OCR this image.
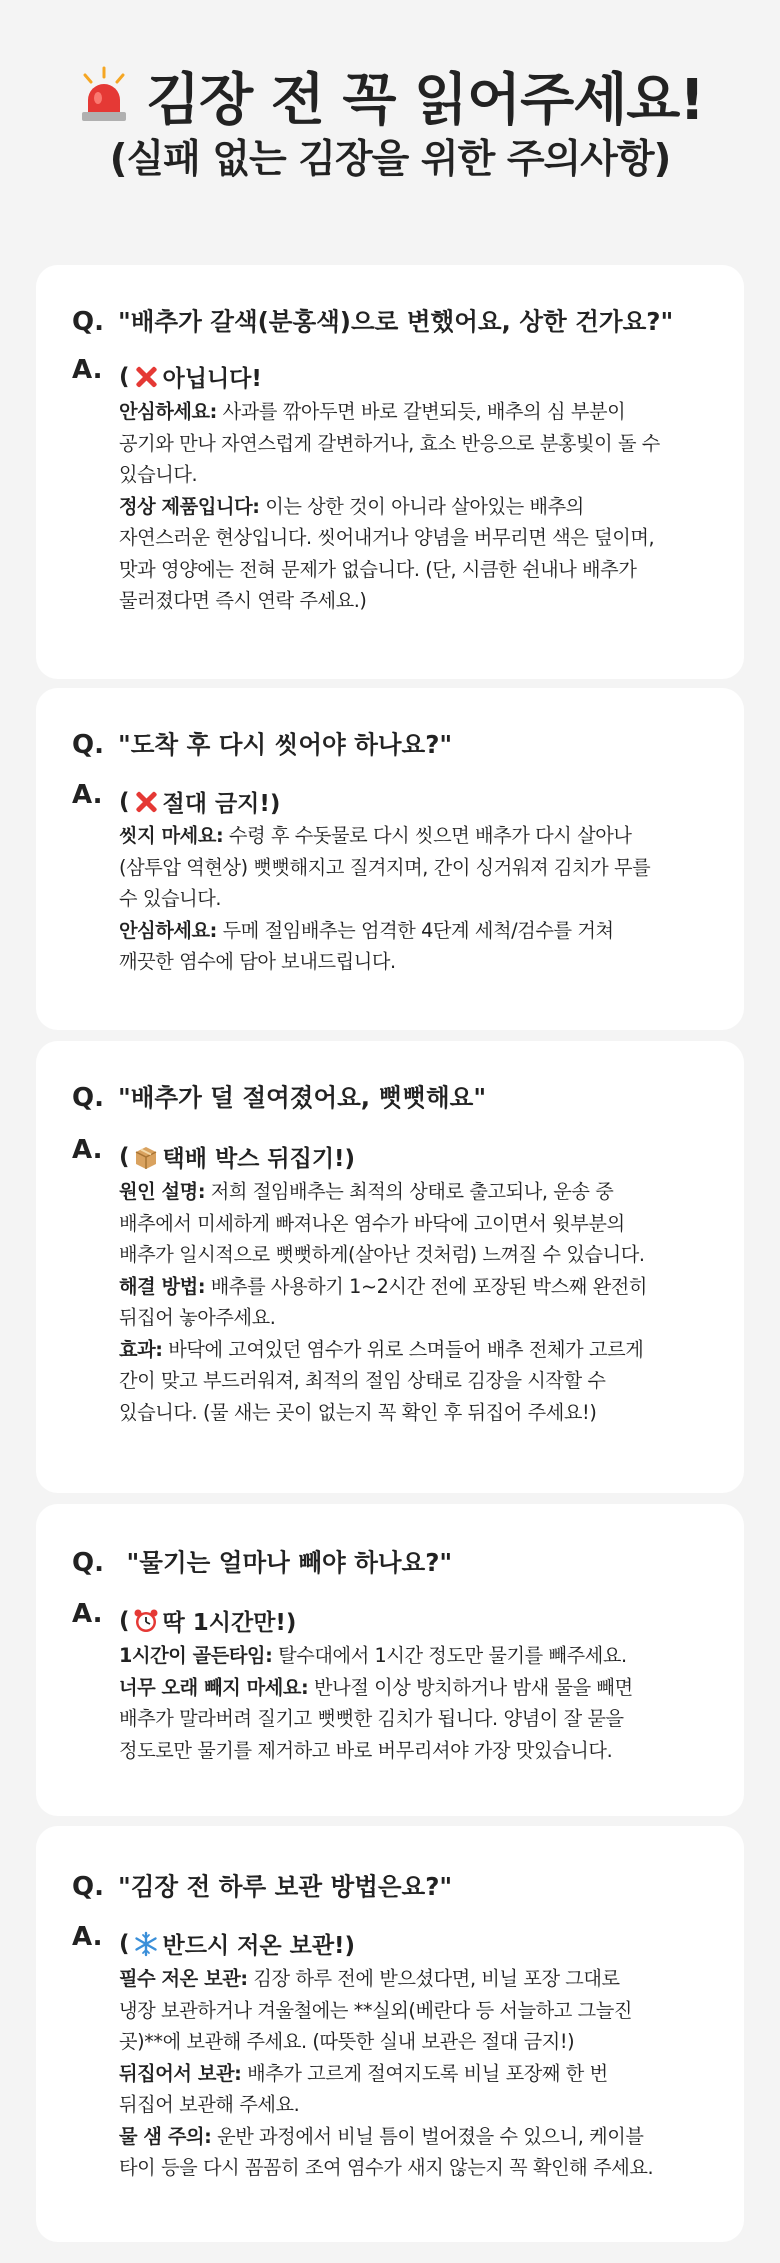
김장 전 꼭 읽어주세요!
(실패 없는 김장을 위한 주의사항)
Q. "배추가 갈색(분홍색)으로 변했어요, 상한 건가요?"
A. ( 아닙니다!

안심하세요: 사과를 깎아두면 바로 갈변되듯, 배추의 심 부분이

공기와 만나 자연스럽게 갈변하거나, 효소 반응으로 분홍빛이 돌 수

있습니다.

정상 제품입니다: 이는 상한 것이 아니라 살아있는 배추의

자연스러운 현상입니다. 씻어내거나 양념을 버무리면 색은 덮이며,

맛과 영양에는 전혀 문제가 없습니다. (단, 시큼한 쉰내나 배추가

물러졌다면 즉시 연락 주세요.)

Q. "도착 후 다시 씻어야 하나요?"
A. ( 절대 금지!)

씻지 마세요: 수령 후 수돗물로 다시 씻으면 배추가 다시 살아나

(삼투압 역현상) 뻣뻣해지고 질겨지며, 간이 싱거워져 김치가 무를

수 있습니다.

안심하세요: 두메 절임배추는 엄격한 4단계 세척/검수를 거쳐

깨끗한 염수에 담아 보내드립니다.

Q. "배추가 덜 절여졌어요, 뻣뻣해요"
A. ( 택배 박스 뒤집기!)

원인 설명: 저희 절임배추는 최적의 상태로 출고되나, 운송 중

배추에서 미세하게 빠져나온 염수가 바닥에 고이면서 윗부분의

배추가 일시적으로 뻣뻣하게(살아난 것처럼) 느껴질 수 있습니다.

해결 방법: 배추를 사용하기 1~2시간 전에 포장된 박스째 완전히

뒤집어 놓아주세요.

효과: 바닥에 고여있던 염수가 위로 스며들어 배추 전체가 고르게

간이 맞고 부드러워져, 최적의 절임 상태로 김장을 시작할 수

있습니다. (물 새는 곳이 없는지 꼭 확인 후 뒤집어 주세요!)

Q. "물기는 얼마나 빼야 하나요?"
A. ( 딱 1시간만!)

1시간이 골든타임: 탈수대에서 1시간 정도만 물기를 빼주세요.

너무 오래 빼지 마세요: 반나절 이상 방치하거나 밤새 물을 빼면

배추가 말라버려 질기고 뻣뻣한 김치가 됩니다. 양념이 잘 묻을

정도로만 물기를 제거하고 바로 버무리셔야 가장 맛있습니다.

Q. "김장 전 하루 보관 방법은요?"
A. ( 반드시 저온 보관!)

필수 저온 보관: 김장 하루 전에 받으셨다면, 비닐 포장 그대로

냉장 보관하거나 겨울철에는 **실외(베란다 등 서늘하고 그늘진

곳)**에 보관해 주세요. (따뜻한 실내 보관은 절대 금지!)

뒤집어서 보관: 배추가 고르게 절여지도록 비닐 포장째 한 번

뒤집어 보관해 주세요.

물 샘 주의: 운반 과정에서 비닐 틈이 벌어졌을 수 있으니, 케이블

타이 등을 다시 꼼꼼히 조여 염수가 새지 않는지 꼭 확인해 주세요.
